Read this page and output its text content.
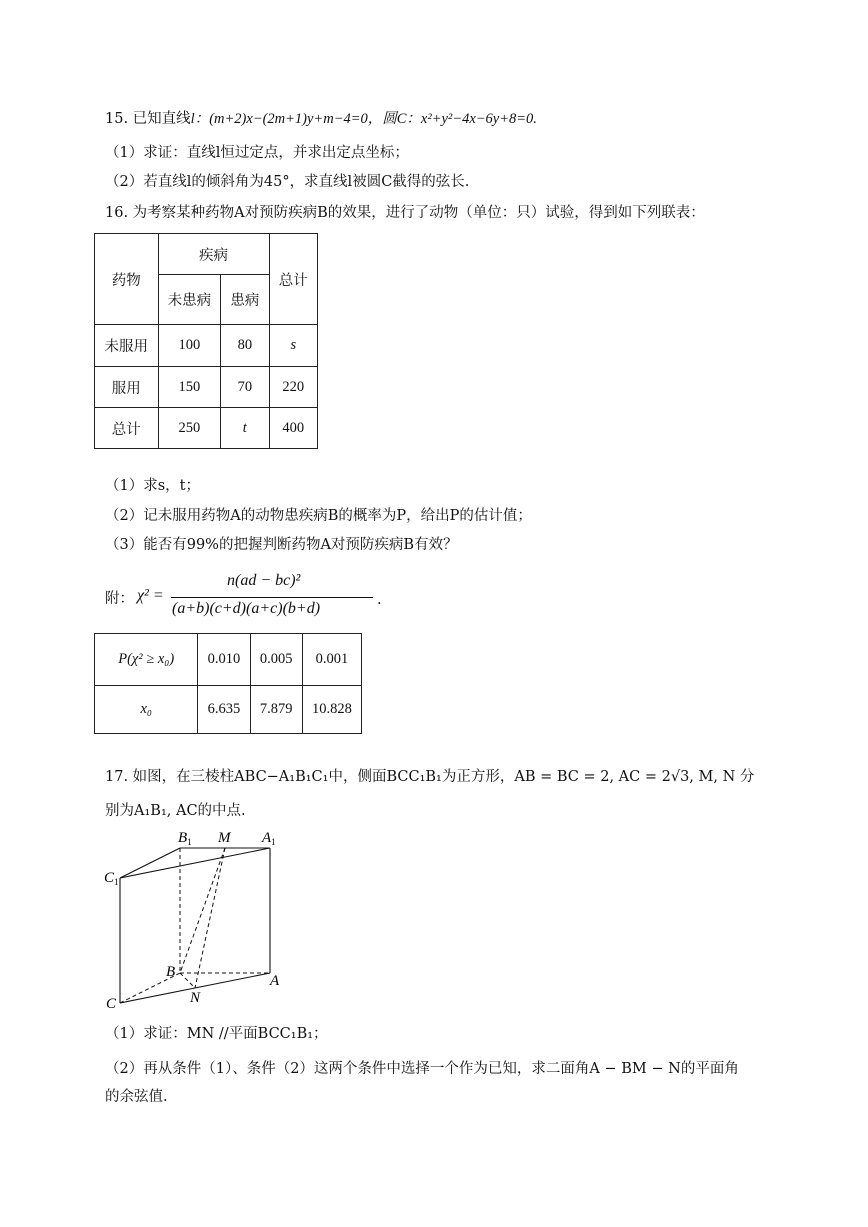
15. 已知直线l：(m+2)x−(2m+1)y+m−4=0，圆C：x²+y²−4x−6y+8=0.
（1）求证：直线l恒过定点，并求出定点坐标；
（2）若直线l的倾斜角为45°，求直线l被圆C截得的弦长.
16. 为考察某种药物A对预防疾病B的效果，进行了动物（单位：只）试验，得到如下列联表：
药物	疾病		总计
	未患病	患病	
未服用	100	80	s
服用	150	70	220
总计	250	t	400
（1）求s，t；
（2）记未服用药物A的动物患疾病B的概率为P，给出P的估计值；
（3）能否有99%的把握判断药物A对预防疾病B有效？
附： χ² =
n(ad − bc)²
(a+b)(c+d)(a+c)(b+d)	.
P(χ² ≥ x₀)	0.010	0.005	0.001
x₀	6.635	7.879	10.828
17. 如图，在三棱柱ABC−A₁B₁C₁中，侧面BCC₁B₁为正方形，AB = BC = 2, AC = 2√3, M, N 分
别为A₁B₁, AC的中点.
$B_1$ M $A_1$
$C_1$
B
A
C	N
（1）求证：MN //平面BCC₁B₁；
（2）再从条件（1）、条件（2）这两个条件中选择一个作为已知，求二面角A − BM − N的平面角
的余弦值.
